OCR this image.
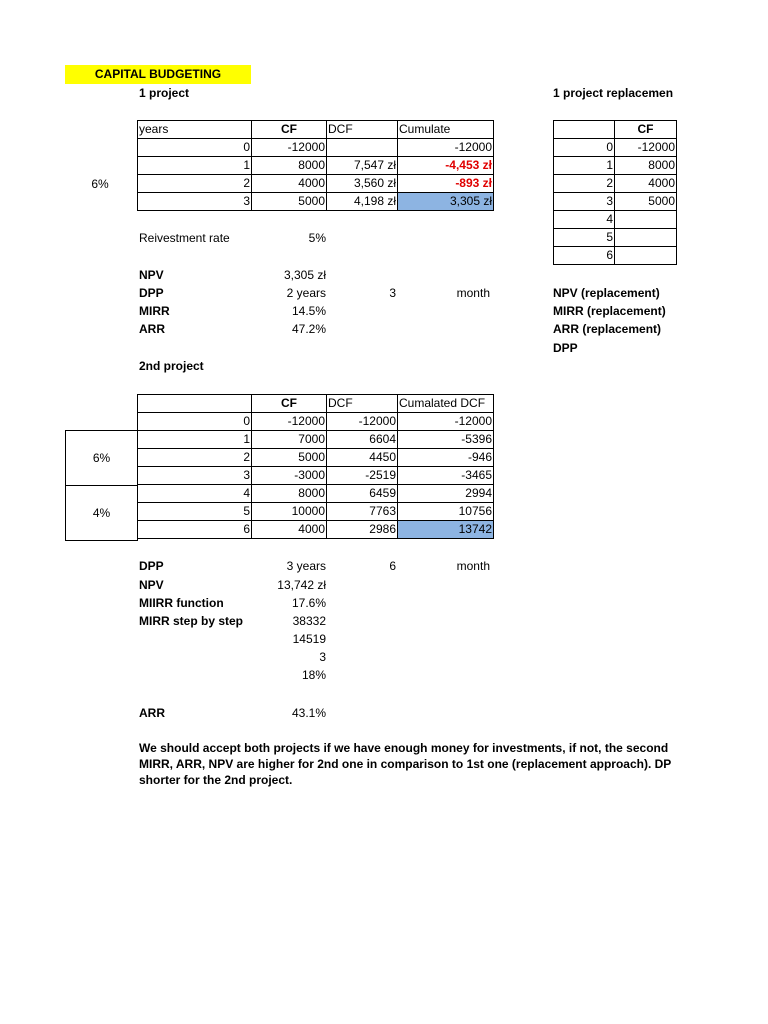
CAPITAL BUDGETING
1 project
6%
years	CF	DCF	Cumulate
0	-12000		-12000
1	8000	7,547 zł	-4,453 zł
2	4000	3,560 zł	-893 zł
3	5000	4,198 zł	3,305 zł
Reivestment rate	5%
NPV	3,305 zł
DPP	2 years	3	month
MIRR	14.5%
ARR	47.2%
1 project replacemen
	CF
0	-12000
1	8000
2	4000
3	5000
4	
5	
6	
NPV (replacement)
MIRR (replacement)
ARR (replacement)
DPP
2nd project
6%
4%
	CF	DCF	Cumalated DCF
0	-12000	-12000	-12000
1	7000	6604	-5396
2	5000	4450	-946
3	-3000	-2519	-3465
4	8000	6459	2994
5	10000	7763	10756
6	4000	2986	13742
DPP	3 years	6	month
NPV	13,742 zł
MIIRR function	17.6%
MIRR step by step	38332
14519
3
18%
ARR	43.1%
We should accept both projects if we have enough money for investments, if not, the second
MIRR, ARR, NPV are higher for 2nd one in comparison to 1st one (replacement approach). DP
shorter for the 2nd project.
